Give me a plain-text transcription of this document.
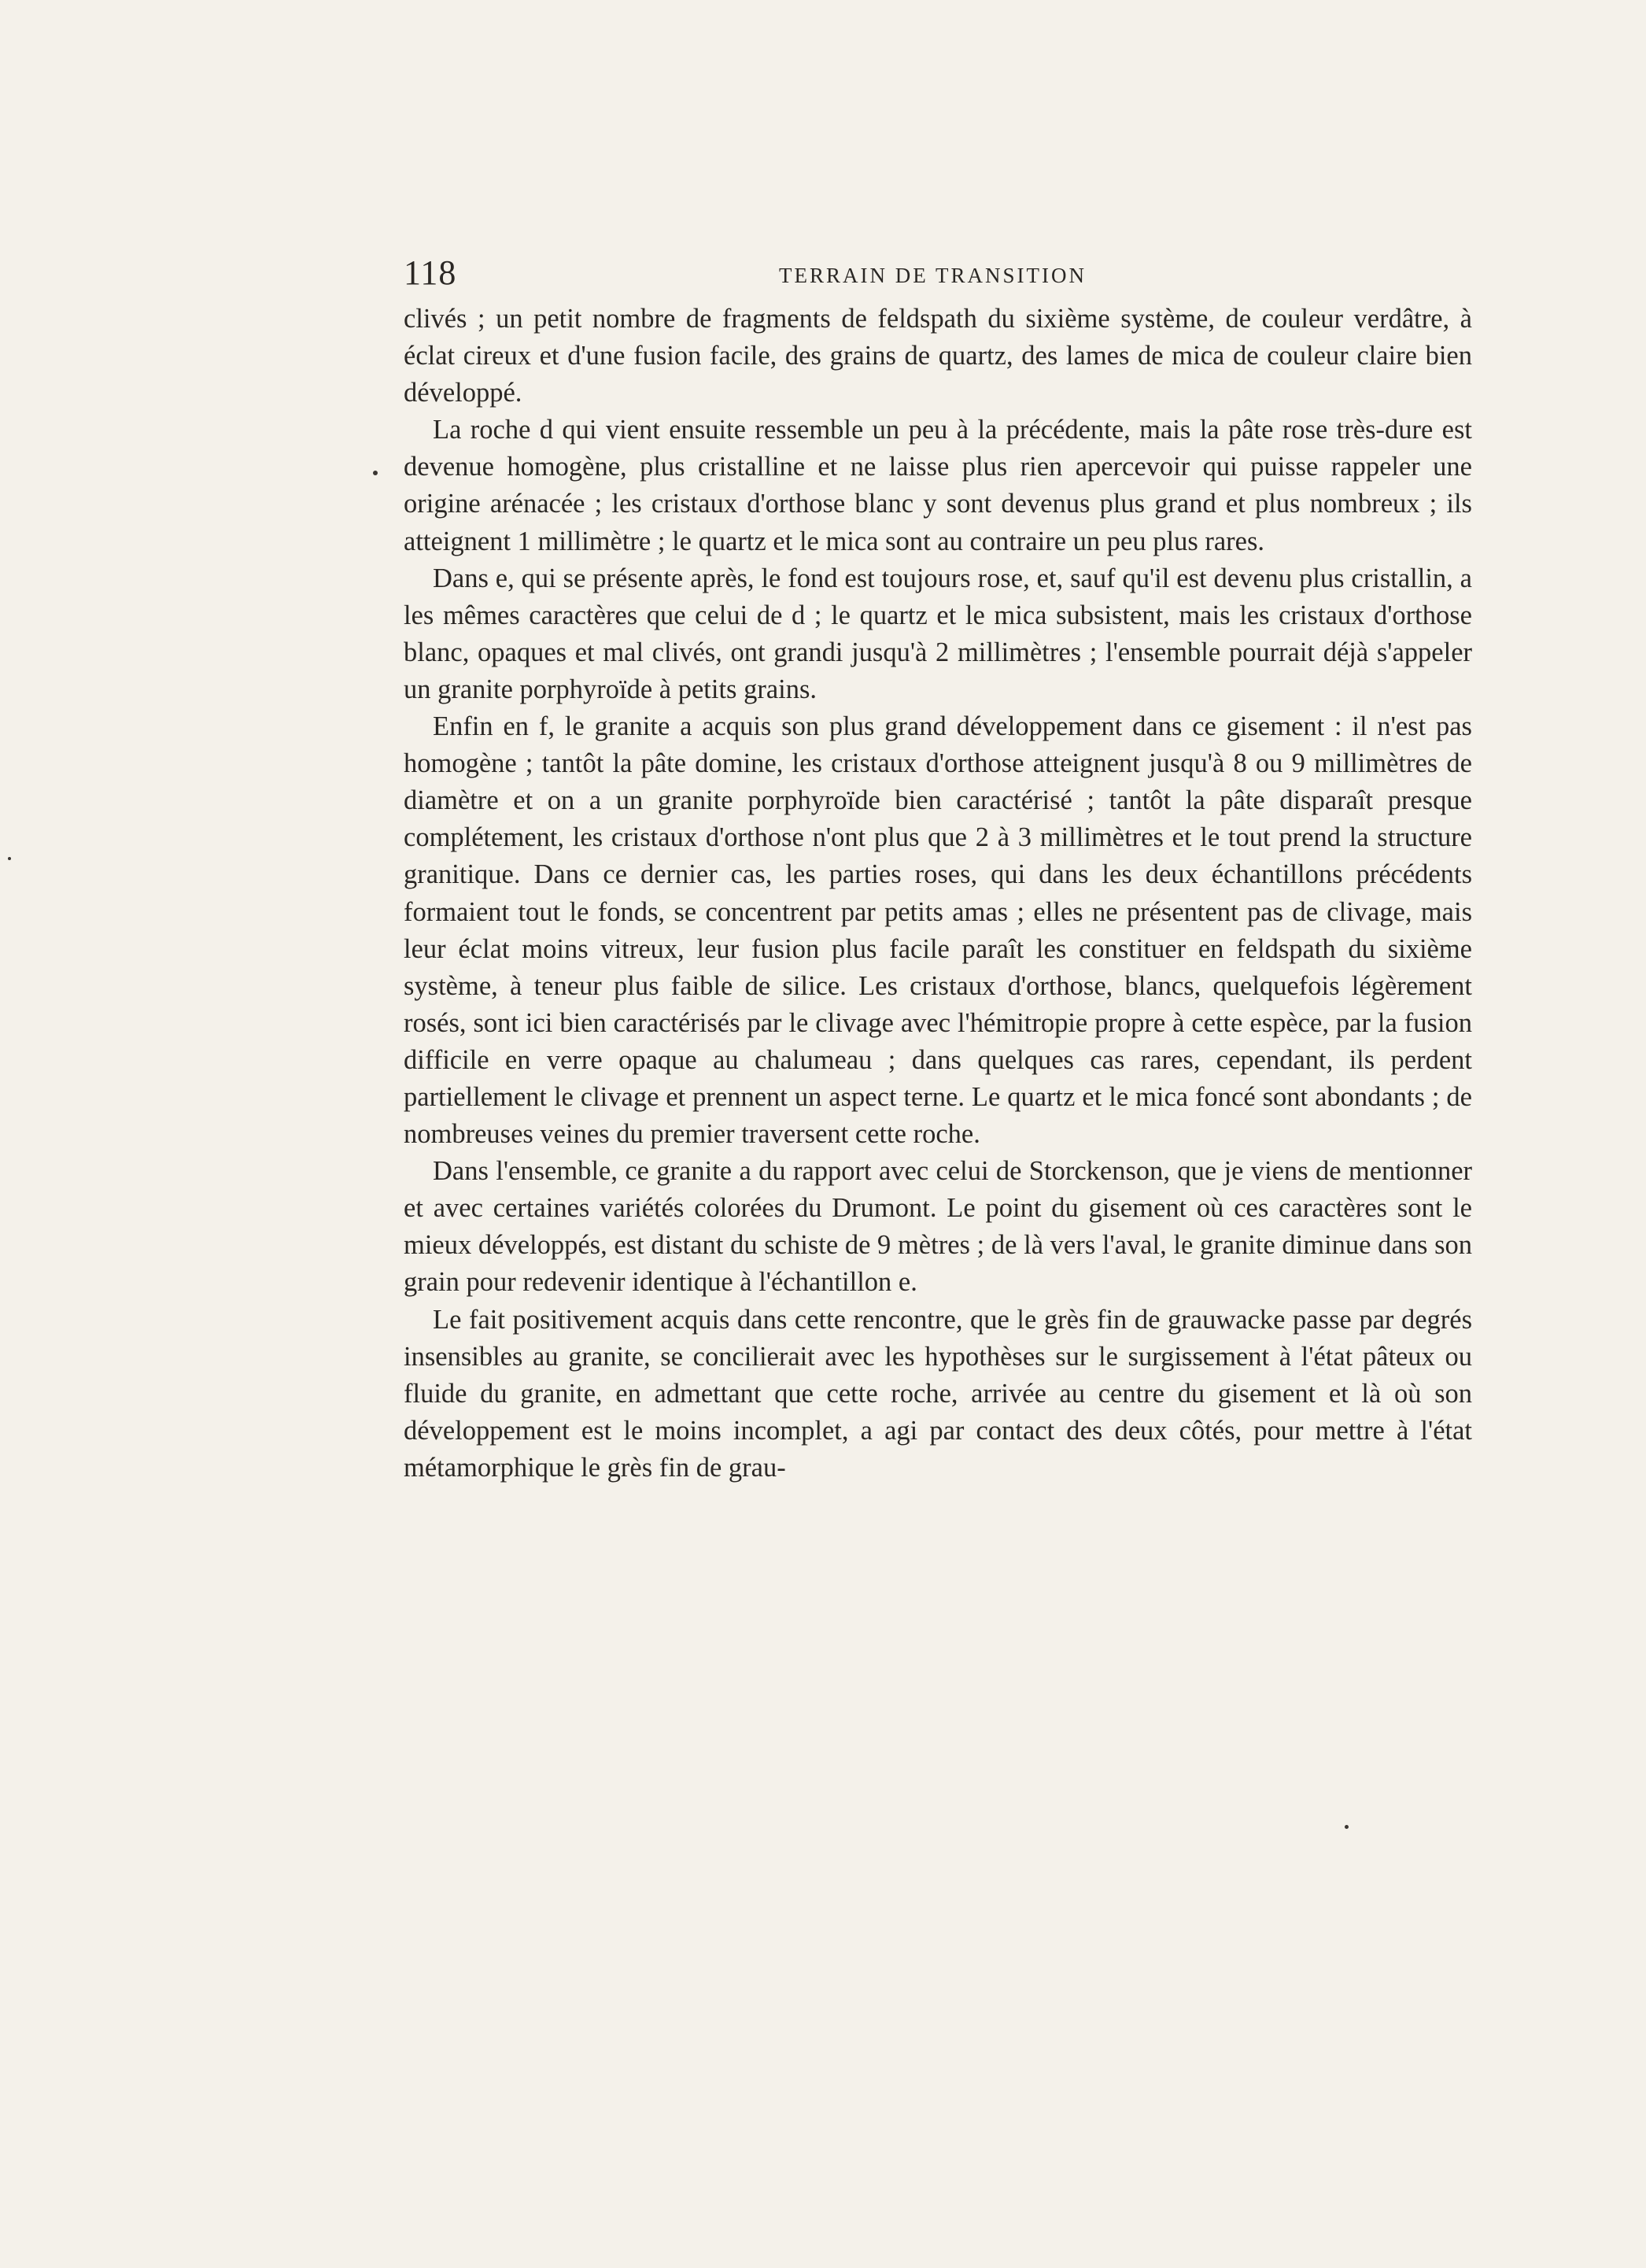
118	TERRAIN DE TRANSITION

clivés ; un petit nombre de fragments de feldspath du sixième système, de couleur verdâtre, à éclat cireux et d'une fusion facile, des grains de quartz, des lames de mica de couleur claire bien développé.

La roche d qui vient ensuite ressemble un peu à la précédente, mais la pâte rose très-dure est devenue homogène, plus cristalline et ne laisse plus rien apercevoir qui puisse rappeler une origine arénacée ; les cristaux d'orthose blanc y sont devenus plus grand et plus nombreux ; ils atteignent 1 millimètre ; le quartz et le mica sont au contraire un peu plus rares.

Dans e, qui se présente après, le fond est toujours rose, et, sauf qu'il est devenu plus cristallin, a les mêmes caractères que celui de d ; le quartz et le mica subsistent, mais les cristaux d'orthose blanc, opaques et mal clivés, ont grandi jusqu'à 2 millimètres ; l'ensemble pourrait déjà s'appeler un granite porphyroïde à petits grains.

Enfin en f, le granite a acquis son plus grand développement dans ce gisement : il n'est pas homogène ; tantôt la pâte domine, les cristaux d'orthose atteignent jusqu'à 8 ou 9 millimètres de diamètre et on a un granite porphyroïde bien caractérisé ; tantôt la pâte disparaît presque complétement, les cristaux d'orthose n'ont plus que 2 à 3 millimètres et le tout prend la structure granitique. Dans ce dernier cas, les parties roses, qui dans les deux échantillons précédents formaient tout le fonds, se concentrent par petits amas ; elles ne présentent pas de clivage, mais leur éclat moins vitreux, leur fusion plus facile paraît les constituer en feldspath du sixième système, à teneur plus faible de silice. Les cristaux d'orthose, blancs, quelquefois légèrement rosés, sont ici bien caractérisés par le clivage avec l'hémitropie propre à cette espèce, par la fusion difficile en verre opaque au chalumeau ; dans quelques cas rares, cependant, ils perdent partiellement le clivage et prennent un aspect terne. Le quartz et le mica foncé sont abondants ; de nombreuses veines du premier traversent cette roche.

Dans l'ensemble, ce granite a du rapport avec celui de Storckenson, que je viens de mentionner et avec certaines variétés colorées du Drumont. Le point du gisement où ces caractères sont le mieux développés, est distant du schiste de 9 mètres ; de là vers l'aval, le granite diminue dans son grain pour redevenir identique à l'échantillon e.

Le fait positivement acquis dans cette rencontre, que le grès fin de grauwacke passe par degrés insensibles au granite, se concilierait avec les hypothèses sur le surgissement à l'état pâteux ou fluide du granite, en admettant que cette roche, arrivée au centre du gisement et là où son développement est le moins incomplet, a agi par contact des deux côtés, pour mettre à l'état métamorphique le grès fin de grau-
